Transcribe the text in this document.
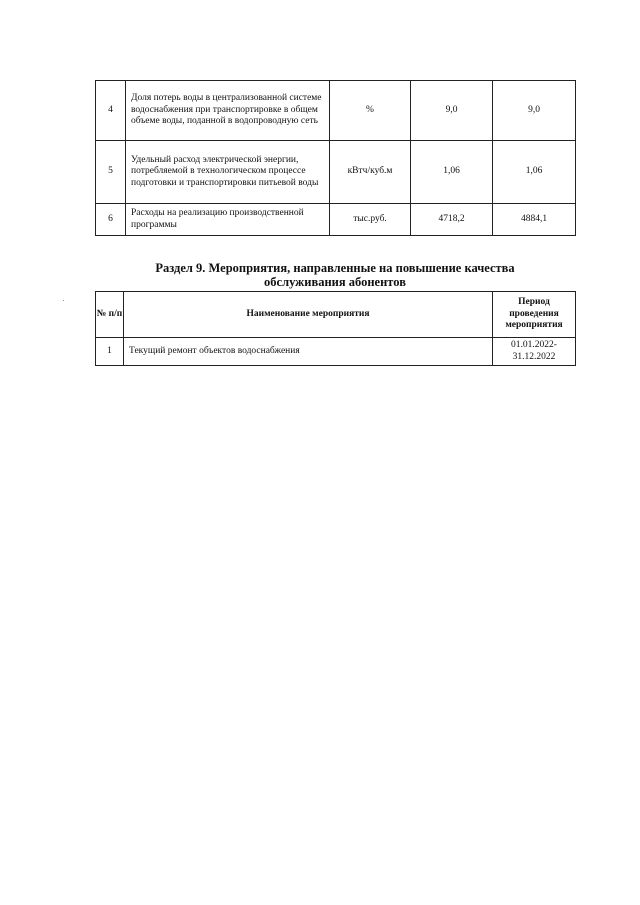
4	Доля потерь воды в централизованной системе водоснабжения при транспортировке в общем объеме воды, поданной в водопроводную сеть	%	9,0	9,0
5	Удельный расход электрической энергии, потребляемой в технологическом процессе подготовки и транспортировки питьевой воды	кВтч/куб.м	1,06	1,06
6	Расходы на реализацию производственной программы	тыс.руб.	4718,2	4884,1
Раздел 9. Мероприятия, направленные на повышение качества
обслуживания абонентов
№ п/п	Наименование мероприятия	Период проведения мероприятия
1	Текущий ремонт объектов водоснабжения	01.01.2022-31.12.2022
